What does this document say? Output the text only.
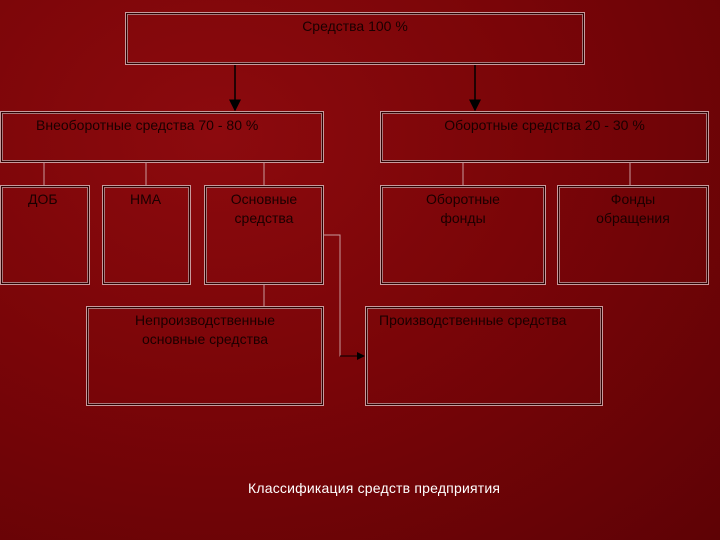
Средства 100 %
Внеоборотные средства 70 - 80 %	Оборотные средства 20 - 30 %
ДОБ	НМА	Основные средства
Оборотные фонды
Фонды обращения
Непроизводственные основные средства
Производственные средства
Классификация средств предприятия
